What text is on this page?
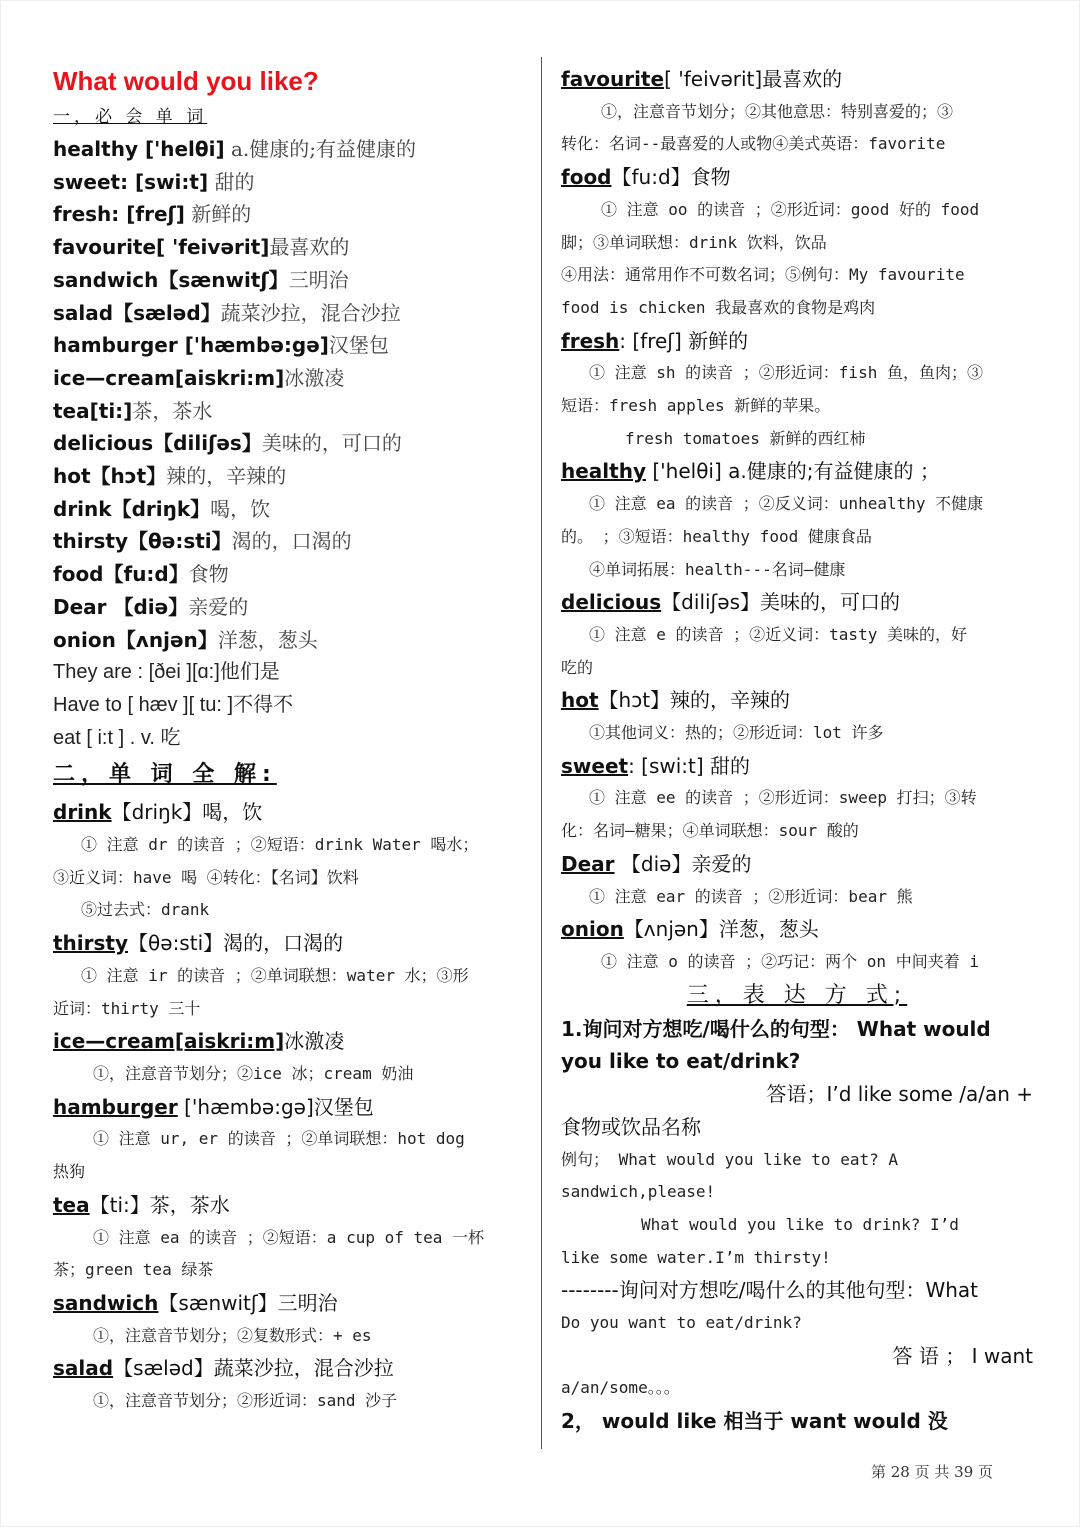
What would you like?
一，必 会 单 词
healthy ['helθi] a.健康的;有益健康的
sweet: [swi:t] 甜的
fresh: [freʃ] 新鲜的
favourite[ 'feivərit]最喜欢的
sandwich【sænwitʃ】三明治
salad【sæləd】蔬菜沙拉，混合沙拉
hamburger ['hæmbə:gə]汉堡包
ice—cream[aiskri:m]冰激凌
tea[ti:]茶，茶水
delicious【diliʃəs】美味的，可口的
hot【hɔt】辣的，辛辣的
drink【driŋk】喝，饮
thirsty【θə:sti】渴的，口渴的
food【fu:d】食物
Dear 【diə】亲爱的
onion【ʌnjən】洋葱，葱头
They are : [ðei ][ɑ:]他们是
Have to [ hæv ][ tu: ]不得不
eat [ i:t ] . v. 吃
二，单 词 全 解:
drink【driŋk】喝，饮
① 注意 dr 的读音 ；②短语：drink Water 喝水；
③近义词：have 喝 ④转化：【名词】饮料
⑤过去式：drank
thirsty【θə:sti】渴的，口渴的
① 注意 ir 的读音 ；②单词联想：water 水；③形
近词：thirty 三十
ice—cream[aiskri:m]冰激凌
①，注意音节划分；②ice 冰；cream 奶油
hamburger ['hæmbə:gə]汉堡包
① 注意 ur, er 的读音 ；②单词联想：hot dog
热狗
tea【ti:】茶，茶水
① 注意 ea 的读音 ；②短语：a cup of tea 一杯
茶；green tea 绿茶
sandwich【sænwitʃ】三明治
①，注意音节划分；②复数形式：+ es
salad【sæləd】蔬菜沙拉，混合沙拉
①，注意音节划分；②形近词：sand 沙子
favourite[ 'feivərit]最喜欢的
①，注意音节划分；②其他意思：特别喜爱的；③
转化：名词--最喜爱的人或物④美式英语：favorite
food【fu:d】食物
① 注意 oo 的读音 ；②形近词：good 好的 food
脚；③单词联想：drink 饮料，饮品
④用法：通常用作不可数名词；⑤例句：My favourite
food is chicken 我最喜欢的食物是鸡肉
fresh: [freʃ] 新鲜的
① 注意 sh 的读音 ；②形近词：fish 鱼，鱼肉；③
短语：fresh apples 新鲜的苹果。
fresh tomatoes 新鲜的西红柿
healthy ['helθi] a.健康的;有益健康的 ；
① 注意 ea 的读音 ；②反义词：unhealthy 不健康
的。 ；③短语：healthy food 健康食品
④单词拓展：health---名词—健康
delicious【diliʃəs】美味的，可口的
① 注意 e 的读音 ；②近义词：tasty 美味的，好
吃的
hot【hɔt】辣的，辛辣的
①其他词义：热的；②形近词：lot 许多
sweet: [swi:t] 甜的
① 注意 ee 的读音 ；②形近词：sweep 打扫；③转
化：名词—糖果；④单词联想：sour 酸的
Dear 【diə】亲爱的
① 注意 ear 的读音 ；②形近词：bear 熊
onion【ʌnjən】洋葱，葱头
① 注意 o 的读音 ；②巧记：两个 on 中间夹着 i
三，表 达 方 式;
1.询问对方想吃/喝什么的句型： What would
you like to eat/drink?
答语；I’d like some /a/an +
食物或饮品名称
例句； What would you like to eat? A
sandwich,please!
What would you like to drink? I’d
like some water.I’m thirsty!
--------询问对方想吃/喝什么的其他句型：What
Do you want to eat/drink?
答 语 ； I want
a/an/some。。。
2， would like 相当于 want would 没
第 28 页 共 39 页
